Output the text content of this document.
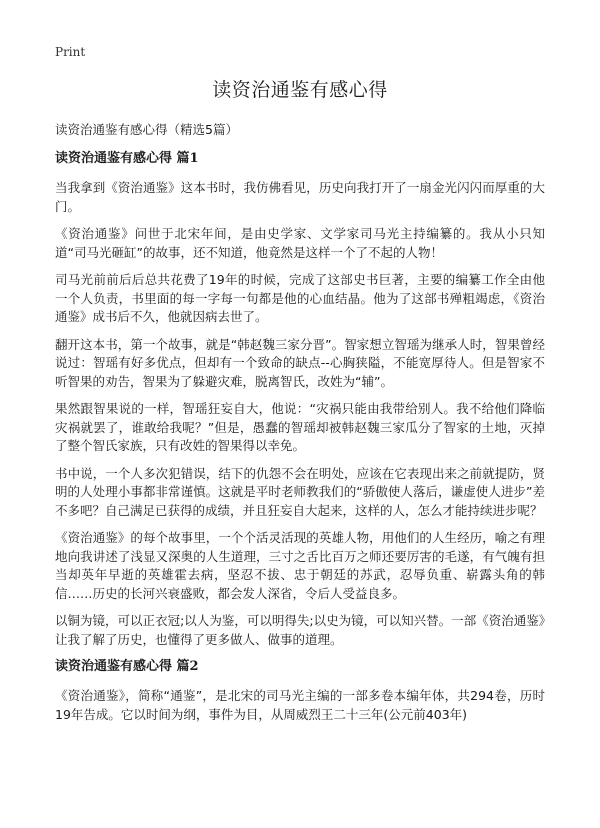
Print
读资治通鉴有感心得
读资治通鉴有感心得（精选5篇）
读资治通鉴有感心得 篇1

当我拿到《资治通鉴》这本书时，我仿佛看见，历史向我打开了一扇金光闪闪而厚重的大门。

《资治通鉴》问世于北宋年间，是由史学家、文学家司马光主持编纂的。我从小只知道“司马光砸缸”的故事，还不知道，他竟然是这样一个了不起的人物！

司马光前前后后总共花费了19年的时候，完成了这部史书巨著，主要的编纂工作全由他一个人负责，书里面的每一字每一句都是他的心血结晶。他为了这部书殚粗竭虑，《资治通鉴》成书后不久，他就因病去世了。

翻开这本书，第一个故事，就是“韩赵魏三家分晋”。智家想立智瑶为继承人时，智果曾经说过：智瑶有好多优点，但却有一个致命的缺点--心胸狭隘，不能宽厚待人。但是智家不听智果的劝告，智果为了躲避灾难，脱离智氏，改姓为“辅”。

果然跟智果说的一样，智瑶狂妄自大，他说：“灾祸只能由我带给别人。我不给他们降临灾祸就罢了，谁敢给我呢？”但是，愚蠢的智瑶却被韩赵魏三家瓜分了智家的土地，灭掉了整个智氏家族，只有改姓的智果得以幸免。

书中说，一个人多次犯错误，结下的仇怨不会在明处，应该在它表现出来之前就提防，贤明的人处理小事都非常谨慎。这就是平时老师教我们的“骄傲使人落后，谦虚使人进步”差不多吧？自己满足已获得的成绩，并且狂妄自大起来，这样的人，怎么才能持续进步呢？

《资治通鉴》的每个故事里，一个个活灵活现的英雄人物，用他们的人生经历，喻之有理地向我讲述了浅显又深奥的人生道理，三寸之舌比百万之师还要厉害的毛遂，有气魄有担当却英年早逝的英雄霍去病，坚忍不拔、忠于朝廷的苏武，忍辱负重、崭露头角的韩信……历史的长河兴衰盛败，都会发人深省，令后人受益良多。

以铜为镜，可以正衣冠;以人为鉴，可以明得失;以史为镜，可以知兴替。一部《资治通鉴》让我了解了历史，也懂得了更多做人、做事的道理。

读资治通鉴有感心得 篇2

《资治通鉴》，简称“通鉴”，是北宋的司马光主编的一部多卷本编年体，共294卷，历时19年告成。它以时间为纲，事件为目，从周威烈王二十三年(公元前403年)
